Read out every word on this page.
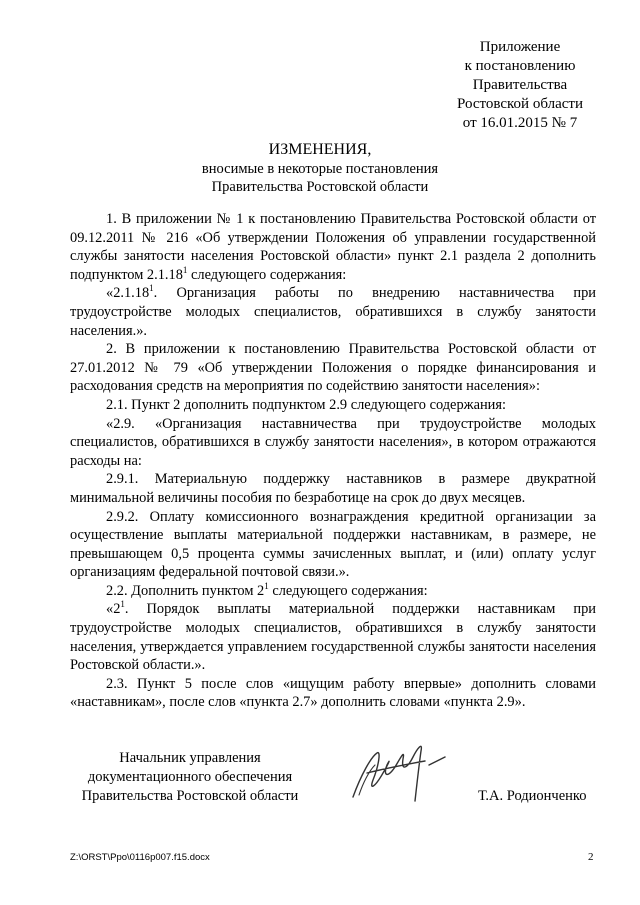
Приложение
к постановлению
Правительства
Ростовской области
от 16.01.2015 № 7
ИЗМЕНЕНИЯ,
вносимые в некоторые постановления
Правительства Ростовской области

1. В приложении № 1 к постановлению Правительства Ростовской области от 09.12.2011 № 216 «Об утверждении Положения об управлении государственной службы занятости населения Ростовской области» пункт 2.1 раздела 2 дополнить подпунктом 2.1.18$^1$ следующего содержания:

«2.1.18$^1$. Организация работы по внедрению наставничества при трудоустройстве молодых специалистов, обратившихся в службу занятости населения.».

2. В приложении к постановлению Правительства Ростовской области от 27.01.2012 № 79 «Об утверждении Положения о порядке финансирования и расходования средств на мероприятия по содействию занятости населения»:

2.1. Пункт 2 дополнить подпунктом 2.9 следующего содержания:

«2.9. «Организация наставничества при трудоустройстве молодых специалистов, обратившихся в службу занятости населения», в котором отражаются расходы на:

2.9.1. Материальную поддержку наставников в размере двукратной минимальной величины пособия по безработице на срок до двух месяцев.

2.9.2. Оплату комиссионного вознаграждения кредитной организации за осуществление выплаты материальной поддержки наставникам, в размере, не превышающем 0,5 процента суммы зачисленных выплат, и (или) оплату услуг организациям федеральной почтовой связи.».

2.2. Дополнить пунктом $2^1$ следующего содержания:

«$2^1$. Порядок выплаты материальной поддержки наставникам при трудоустройстве молодых специалистов, обратившихся в службу занятости населения, утверждается управлением государственной службы занятости населения Ростовской области.».

2.3. Пункт 5 после слов «ищущим работу впервые» дополнить словами «наставникам», после слов «пункта 2.7» дополнить словами «пункта 2.9».

Начальник управления
документационного обеспечения
Правительства Ростовской области	Т.А. Родионченко
Z:\ORST\Ppo\0116p007.f15.docx	2
